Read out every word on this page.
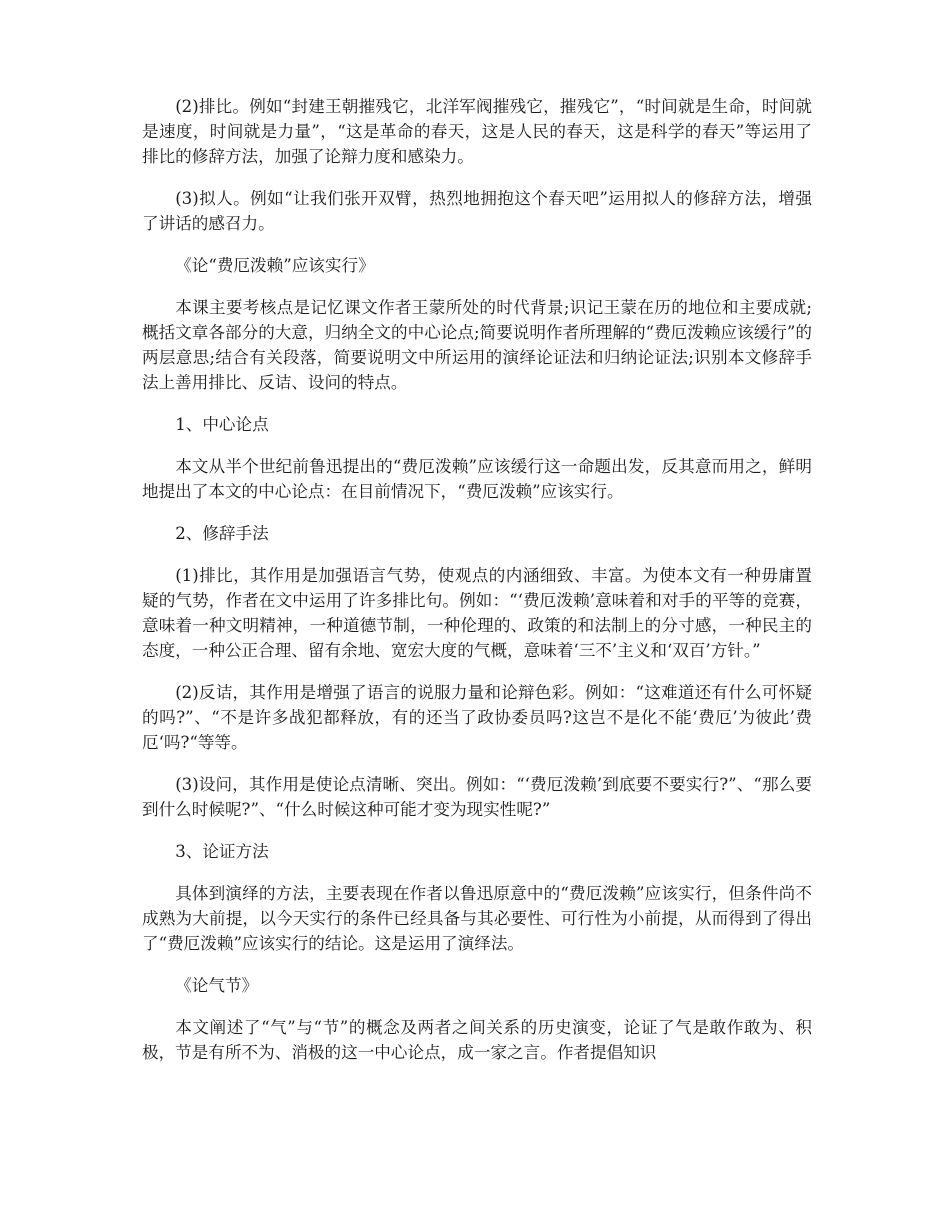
(2)排比。例如“封建王朝摧残它，北洋军阀摧残它，摧残它”，“时间就是生命，时间就是速度，时间就是力量”，“这是革命的春天，这是人民的春天，这是科学的春天”等运用了排比的修辞方法，加强了论辩力度和感染力。

(3)拟人。例如“让我们张开双臂，热烈地拥抱这个春天吧”运用拟人的修辞方法，增强了讲话的感召力。

《论“费厄泼赖”应该实行》

本课主要考核点是记忆课文作者王蒙所处的时代背景;识记王蒙在历的地位和主要成就;概括文章各部分的大意，归纳全文的中心论点;简要说明作者所理解的“费厄泼赖应该缓行”的两层意思;结合有关段落，简要说明文中所运用的演绎论证法和归纳论证法;识别本文修辞手法上善用排比、反诘、设问的特点。

1、中心论点

本文从半个世纪前鲁迅提出的“费厄泼赖”应该缓行这一命题出发，反其意而用之，鲜明地提出了本文的中心论点：在目前情况下，“费厄泼赖”应该实行。

2、修辞手法

(1)排比，其作用是加强语言气势，使观点的内涵细致、丰富。为使本文有一种毋庸置疑的气势，作者在文中运用了许多排比句。例如：“‘费厄泼赖’意味着和对手的平等的竞赛，意味着一种文明精神，一种道德节制，一种伦理的、政策的和法制上的分寸感，一种民主的态度，一种公正合理、留有余地、宽宏大度的气概，意味着‘三不’主义和‘双百’方针。”

(2)反诘，其作用是增强了语言的说服力量和论辩色彩。例如：“这难道还有什么可怀疑的吗?”、“不是许多战犯都释放，有的还当了政协委员吗?这岂不是化不能‘费厄’为彼此’费厄‘吗?“等等。

(3)设问，其作用是使论点清晰、突出。例如：“‘费厄泼赖’到底要不要实行?”、“那么要到什么时候呢?”、“什么时候这种可能才变为现实性呢?”

3、论证方法

具体到演绎的方法，主要表现在作者以鲁迅原意中的“费厄泼赖”应该实行，但条件尚不成熟为大前提，以今天实行的条件已经具备与其必要性、可行性为小前提，从而得到了得出了“费厄泼赖”应该实行的结论。这是运用了演绎法。

《论气节》

本文阐述了“气”与“节”的概念及两者之间关系的历史演变，论证了气是敢作敢为、积极，节是有所不为、消极的这一中心论点，成一家之言。作者提倡知识
